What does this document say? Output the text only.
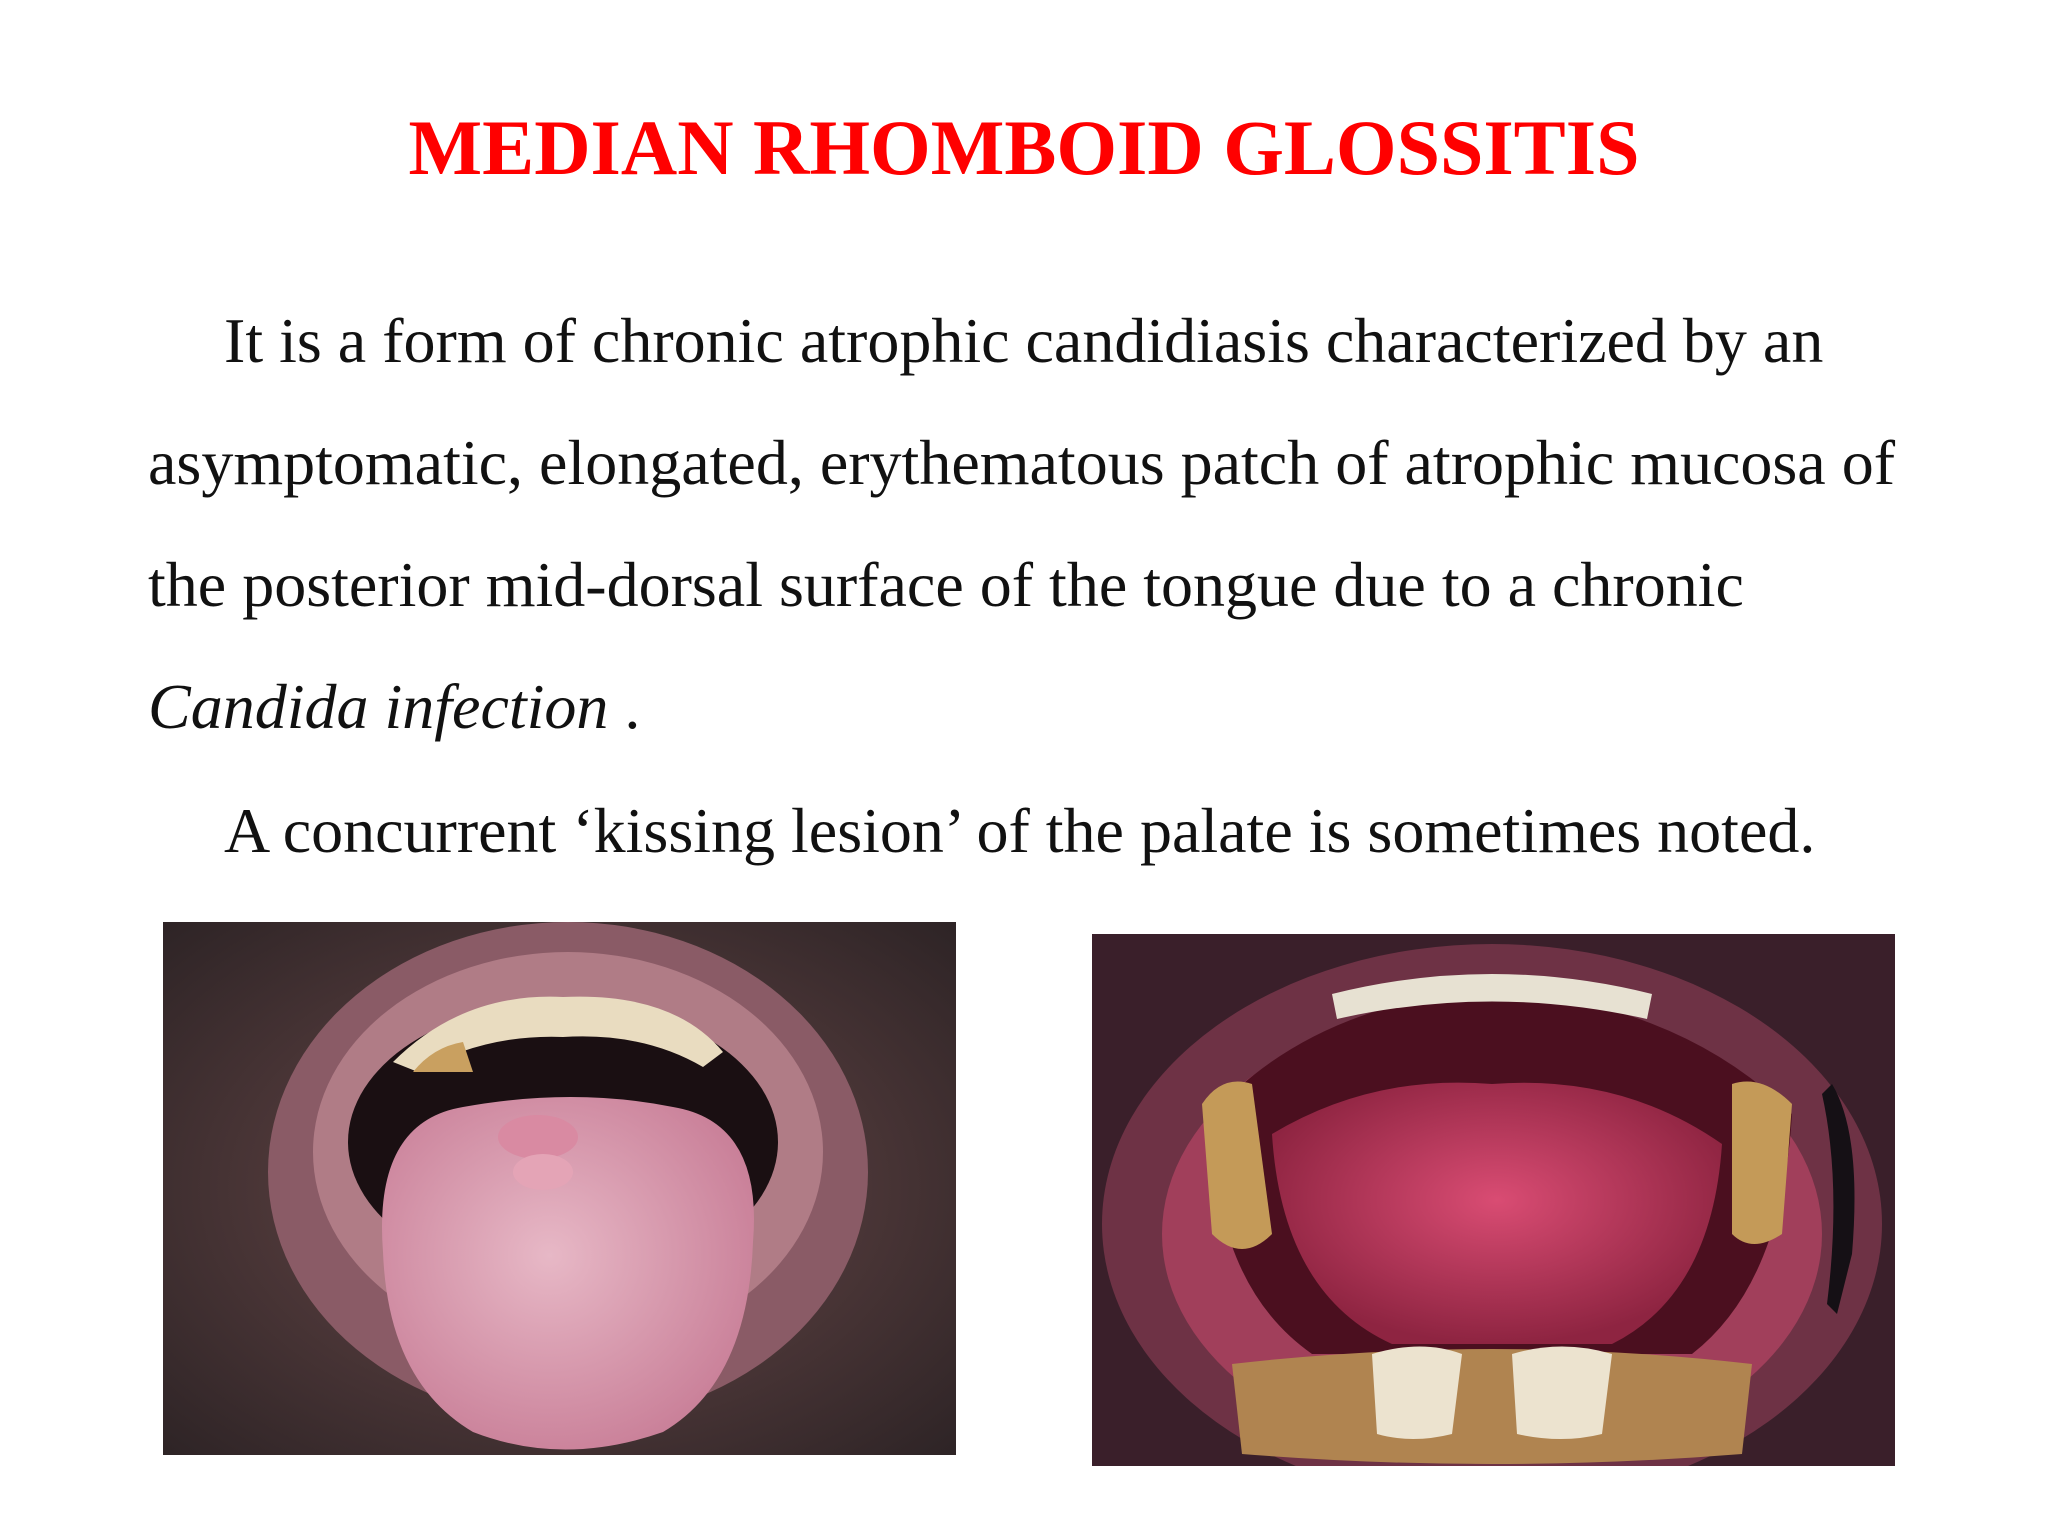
MEDIAN RHOMBOID GLOSSITIS
It is a form of chronic atrophic candidiasis characterized by an asymptomatic, elongated, erythematous patch of atrophic mucosa of the posterior mid-dorsal surface of the tongue due to a chronic Candida infection .
A concurrent ‘kissing lesion’ of the palate is sometimes noted.
